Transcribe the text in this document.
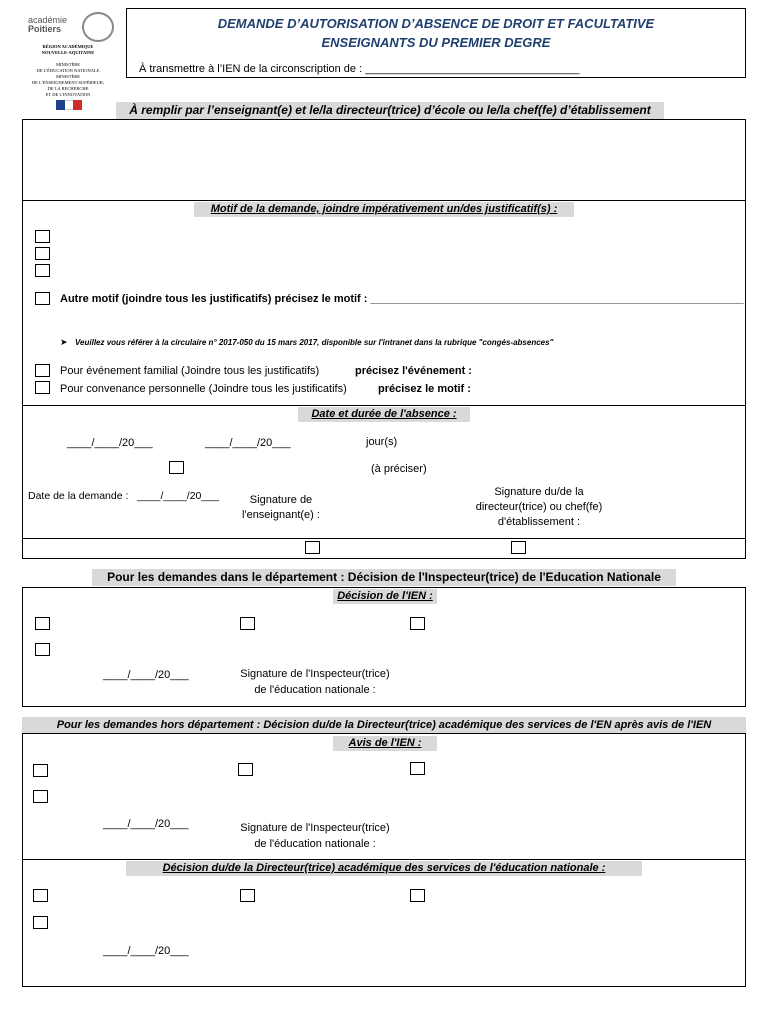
académie
Poitiers
RÉGION ACADÉMIQUE
NOUVELLE-AQUITAINE
MINISTÈRE
DE L'ÉDUCATION NATIONALE
MINISTÈRE
DE L'ENSEIGNEMENT SUPÉRIEUR,
DE LA RECHERCHE
ET DE L'INNOVATION
DEMANDE D’AUTORISATION D’ABSENCE DE DROIT ET FACULTATIVE
ENSEIGNANTS DU PREMIER DEGRE
À transmettre à l’IEN de la circonscription de : ___________________________________
À remplir par l’enseignant(e) et le/la directeur(trice) d’école ou le/la chef(fe) d’établissement
Motif de la demande, joindre impérativement un/des justificatif(s) :
Autre motif (joindre tous les justificatifs) précisez le motif : _____________________________________________________________
➤ Veuillez vous référer à la circulaire n° 2017-050 du 15 mars 2017, disponible sur l'intranet dans la rubrique "congés-absences"
Pour événement familial (Joindre tous les justificatifs)	précisez l'événement :
Pour convenance personnelle (Joindre tous les justificatifs)	précisez le motif :
Date et durée de l'absence :
____/____/20___	____/____/20___	jour(s)
(à préciser)
Date de la demande :   ____/____/20___	Signature de
l'enseignant(e) :
Signature du/de la
directeur(trice) ou chef(fe)
d'établissement :
Pour les demandes dans le département : Décision de l'Inspecteur(trice) de l'Education Nationale
Décision de l'IEN :
____/____/20___	Signature de l'Inspecteur(trice)
de l'éducation nationale :
Pour les demandes hors département : Décision du/de la Directeur(trice) académique des services de l'EN après avis de l'IEN
Avis de l'IEN :
____/____/20___	Signature de l'Inspecteur(trice)
de l'éducation nationale :
Décision du/de la Directeur(trice) académique des services de l'éducation nationale :
____/____/20___
